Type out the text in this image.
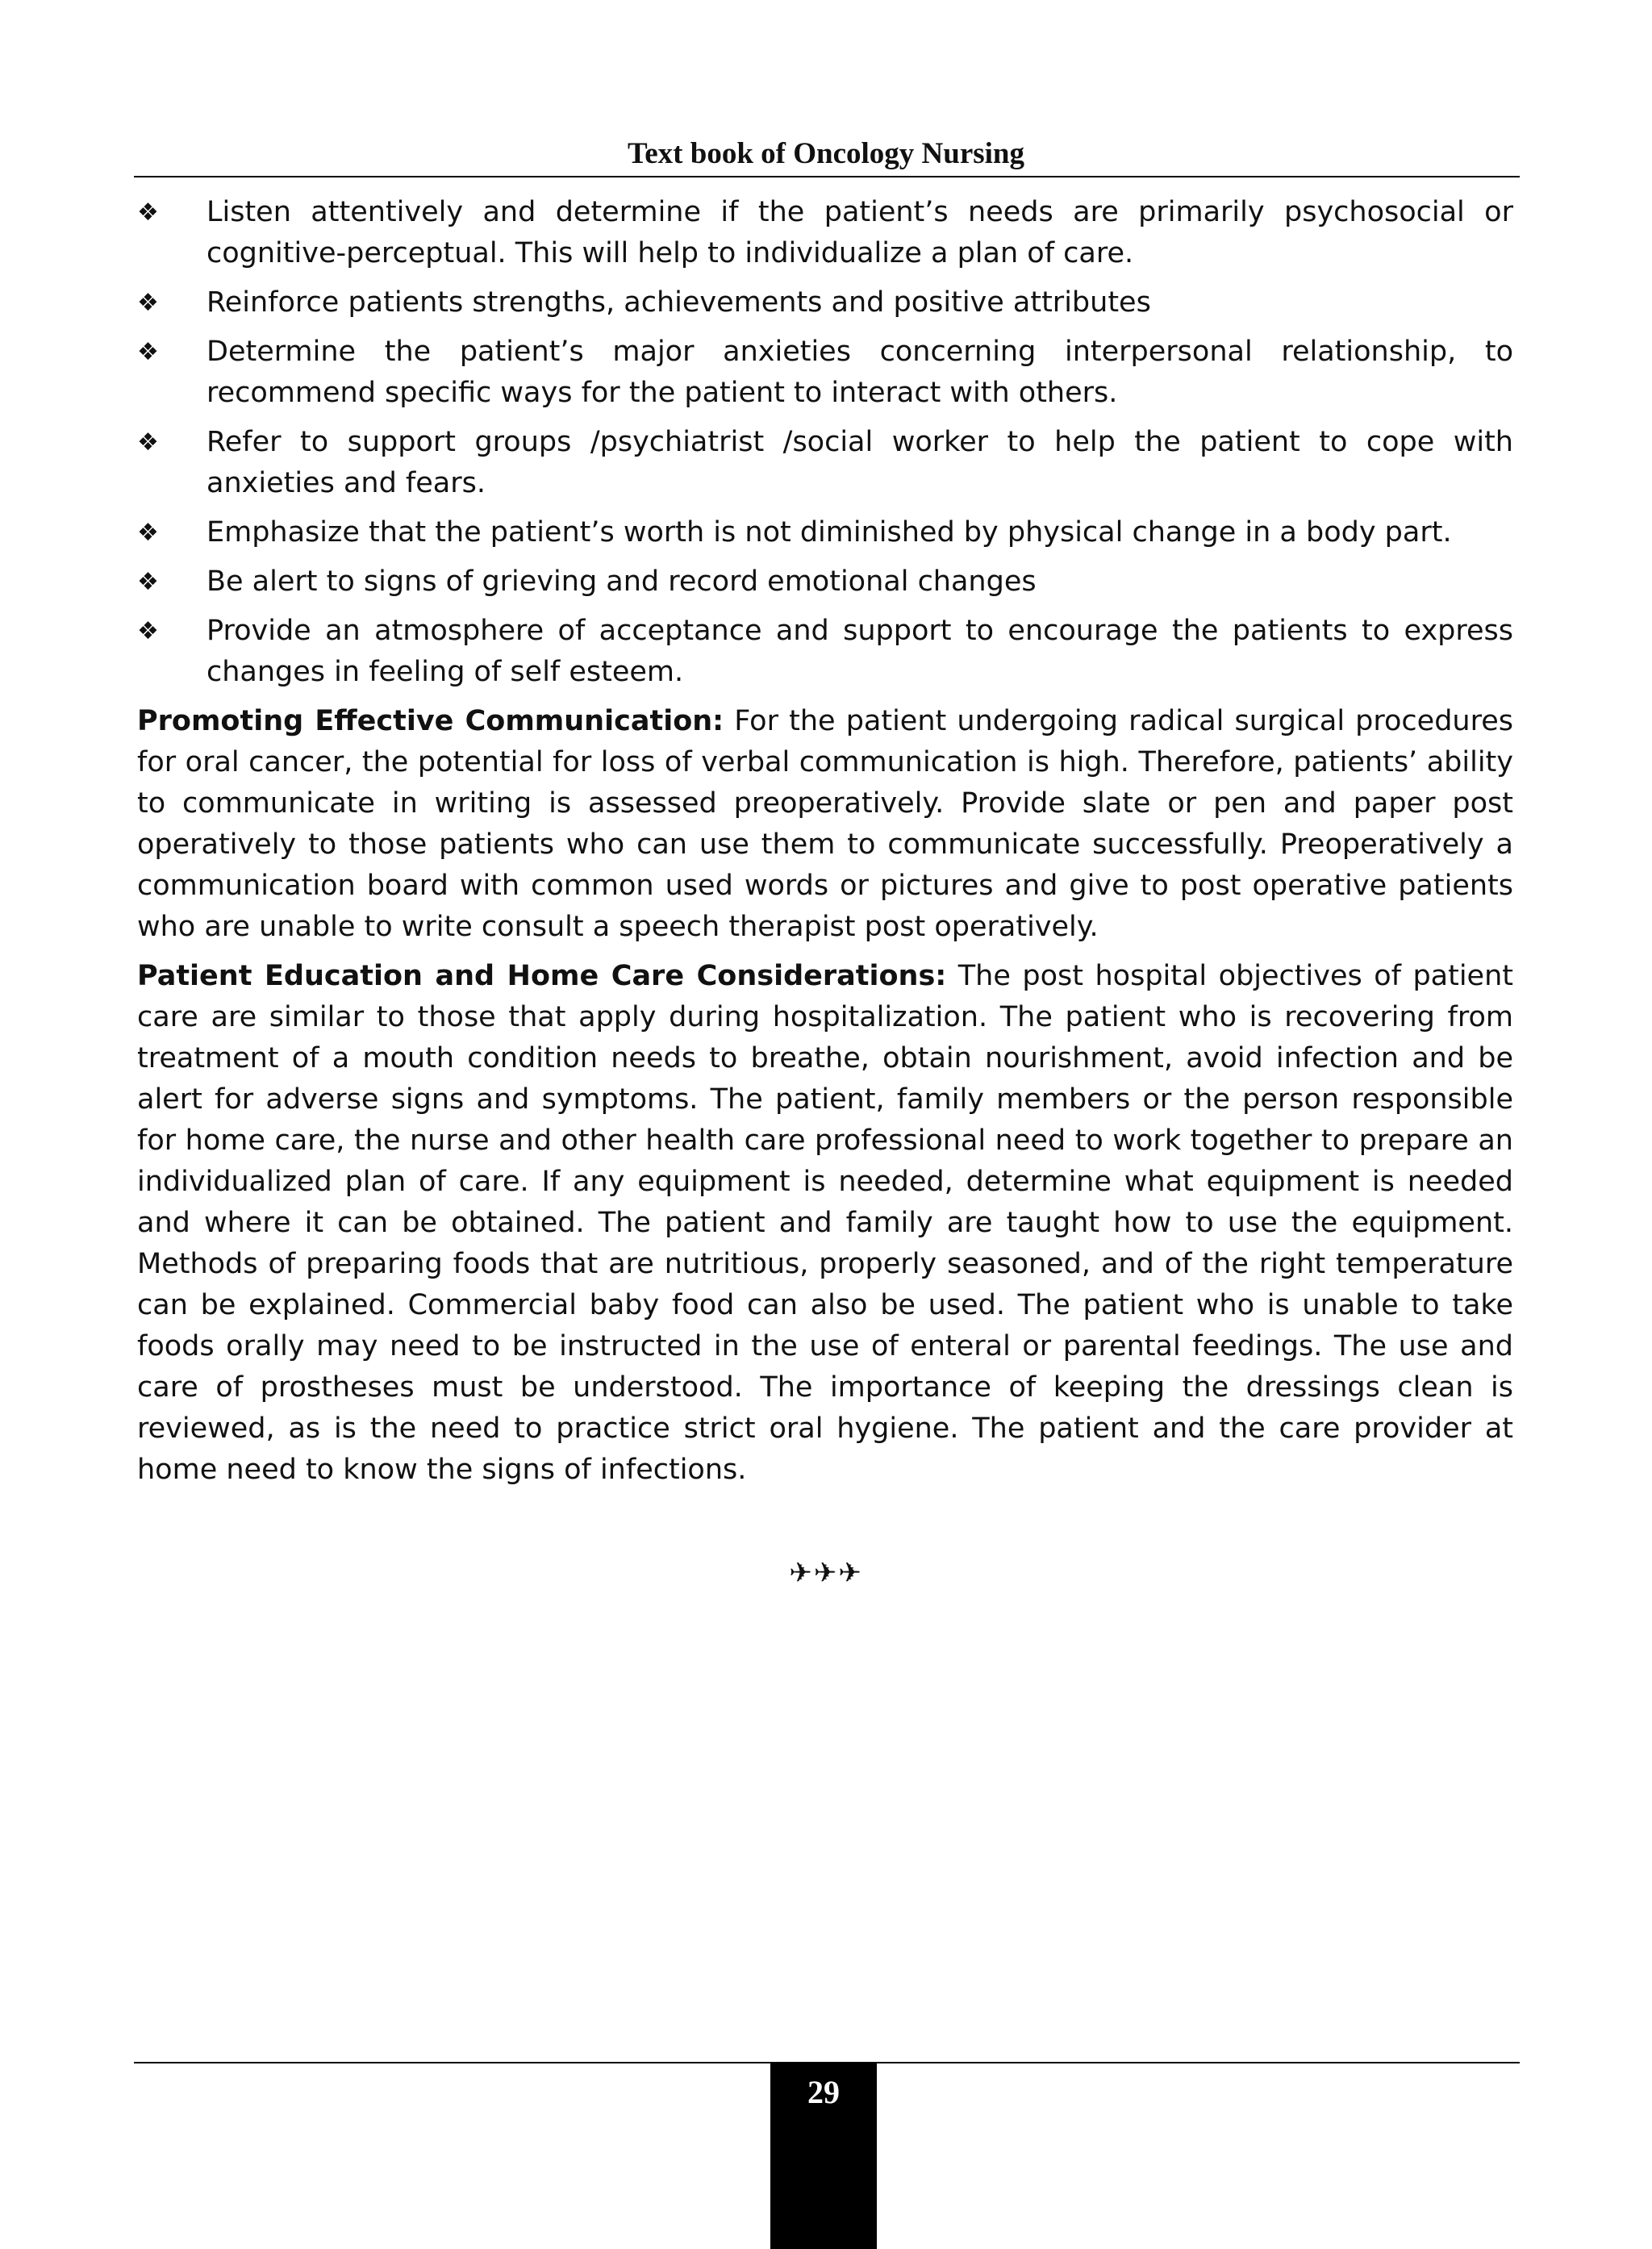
Text book of Oncology Nursing
❖	Listen attentively and determine if the patient’s needs are primarily psychosocial or cognitive-perceptual. This will help to individualize a plan of care.
❖	Reinforce patients strengths, achievements and positive attributes
❖	Determine the patient’s major anxieties concerning interpersonal relationship, to recommend specific ways for the patient to interact with others.
❖	Refer to support groups /psychiatrist /social worker to help the patient to cope with anxieties and fears.
❖	Emphasize that the patient’s worth is not diminished by physical change in a body part.
❖	Be alert to signs of grieving and record emotional changes
❖	Provide an atmosphere of acceptance and support to encourage the patients to express changes in feeling of self esteem.

Promoting Effective Communication: For the patient undergoing radical surgical procedures for oral cancer, the potential for loss of verbal communication is high. Therefore, patients’ ability to communicate in writing is assessed preoperatively. Provide slate or pen and paper post operatively to those patients who can use them to communicate successfully. Preoperatively a communication board with common used words or pictures and give to post operative patients who are unable to write consult a speech therapist post operatively.

Patient Education and Home Care Considerations: The post hospital objectives of patient care are similar to those that apply during hospitalization. The patient who is recovering from treatment of a mouth condition needs to breathe, obtain nourishment, avoid infection and be alert for adverse signs and symptoms. The patient, family members or the person responsible for home care, the nurse and other health care professional need to work together to prepare an individualized plan of care. If any equipment is needed, determine what equipment is needed and where it can be obtained. The patient and family are taught how to use the equipment. Methods of preparing foods that are nutritious, properly seasoned, and of the right temperature can be explained. Commercial baby food can also be used. The patient who is unable to take foods orally may need to be instructed in the use of enteral or parental feedings. The use and care of prostheses must be understood. The importance of keeping the dressings clean is reviewed, as is the need to practice strict oral hygiene. The patient and the care provider at home need to know the signs of infections.

✈✈✈
29
